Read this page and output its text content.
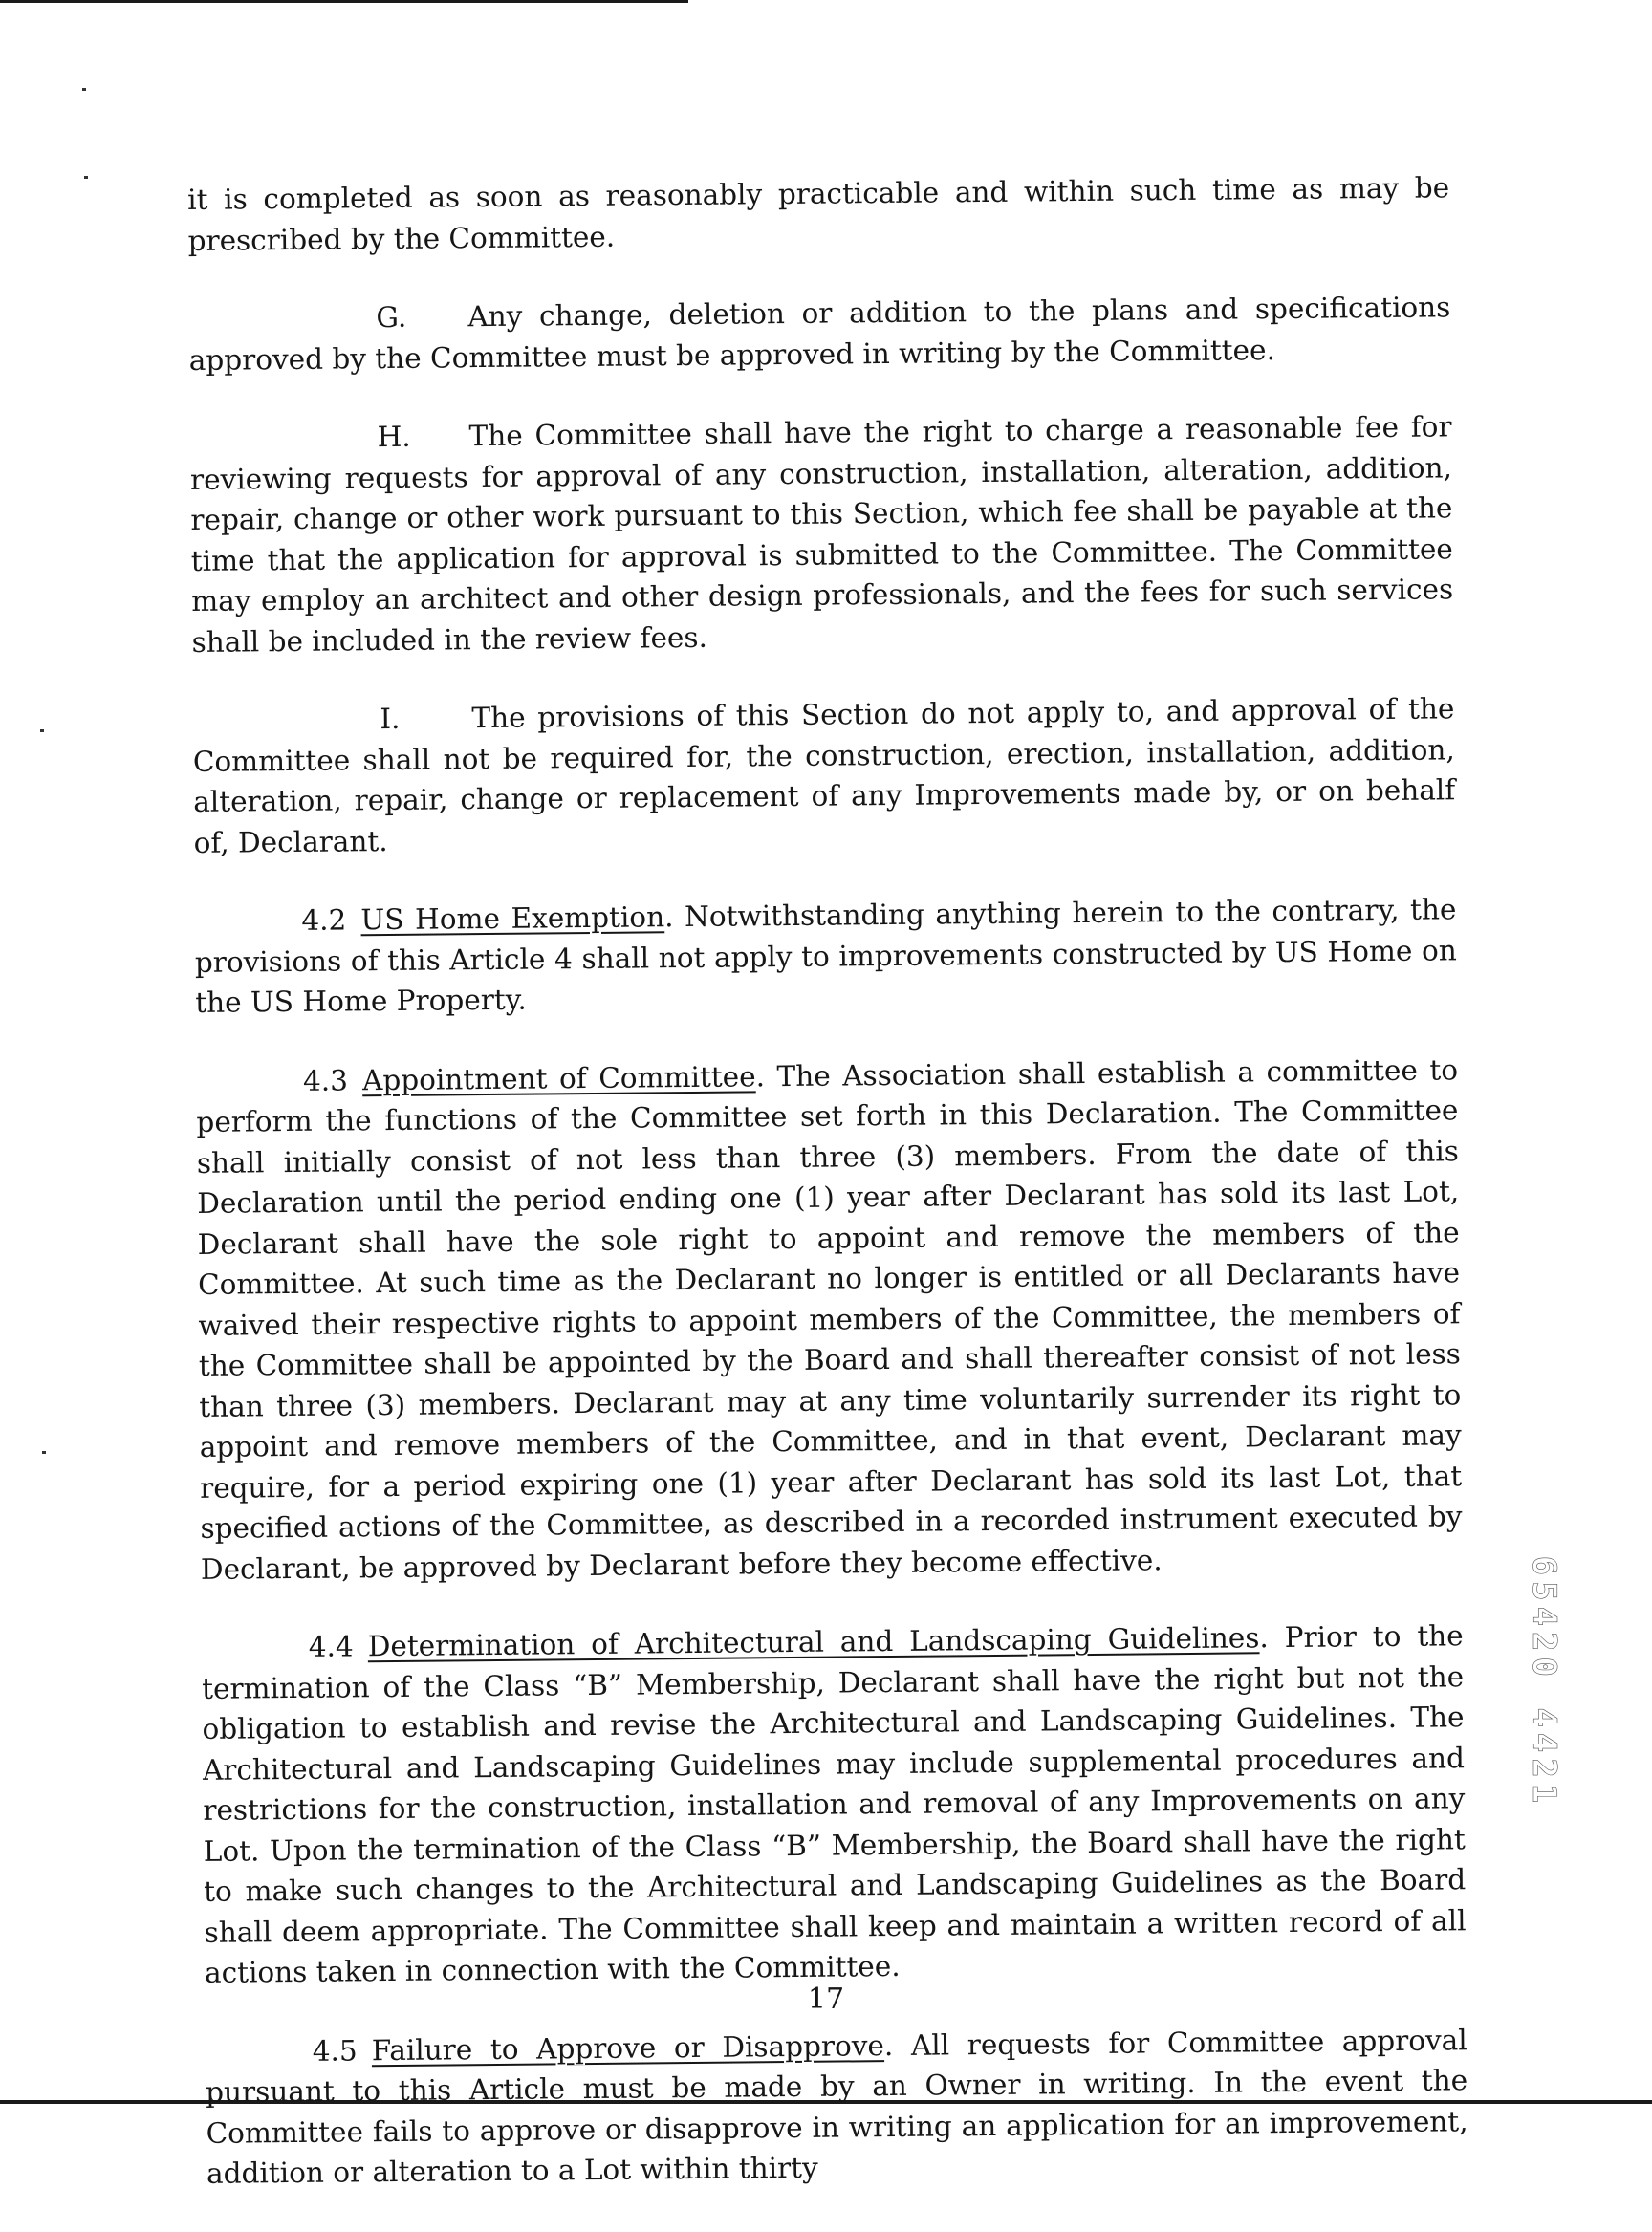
it is completed as soon as reasonably practicable and within such time as may be prescribed by the Committee.

G. Any change, deletion or addition to the plans and specifications approved by the Committee must be approved in writing by the Committee.

H. The Committee shall have the right to charge a reasonable fee for reviewing requests for approval of any construction, installation, alteration, addition, repair, change or other work pursuant to this Section, which fee shall be payable at the time that the application for approval is submitted to the Committee. The Committee may employ an architect and other design professionals, and the fees for such services shall be included in the review fees.

I.	The provisions of this Section do not apply to, and approval of the Committee shall not be required for, the construction, erection, installation, addition, alteration, repair, change or replacement of any Improvements made by, or on behalf of, Declarant.

4.2 US Home Exemption. Notwithstanding anything herein to the contrary, the provisions of this Article 4 shall not apply to improvements constructed by US Home on the US Home Property.

4.3 Appointment of Committee. The Association shall establish a committee to perform the functions of the Committee set forth in this Declaration. The Committee shall initially consist of not less than three (3) members. From the date of this Declaration until the period ending one (1) year after Declarant has sold its last Lot, Declarant shall have the sole right to appoint and remove the members of the Committee. At such time as the Declarant no longer is entitled or all Declarants have waived their respective rights to appoint members of the Committee, the members of the Committee shall be appointed by the Board and shall thereafter consist of not less than three (3) members. Declarant may at any time voluntarily surrender its right to appoint and remove members of the Committee, and in that event, Declarant may require, for a period expiring one (1) year after Declarant has sold its last Lot, that specified actions of the Committee, as described in a recorded instrument executed by Declarant, be approved by Declarant before they become effective.

4.4 Determination of Architectural and Landscaping Guidelines. Prior to the termination of the Class “B” Membership, Declarant shall have the right but not the obligation to establish and revise the Architectural and Landscaping Guidelines. The Architectural and Landscaping Guidelines may include supplemental procedures and restrictions for the construction, installation and removal of any Improvements on any Lot. Upon the termination of the Class “B” Membership, the Board shall have the right to make such changes to the Architectural and Landscaping Guidelines as the Board shall deem appropriate. The Committee shall keep and maintain a written record of all actions taken in connection with the Committee.

4.5 Failure to Approve or Disapprove. All requests for Committee approval pursuant to this Article must be made by an Owner in writing. In the event the Committee fails to approve or disapprove in writing an application for an improvement, addition or alteration to a Lot within thirty

65420 4421
17
